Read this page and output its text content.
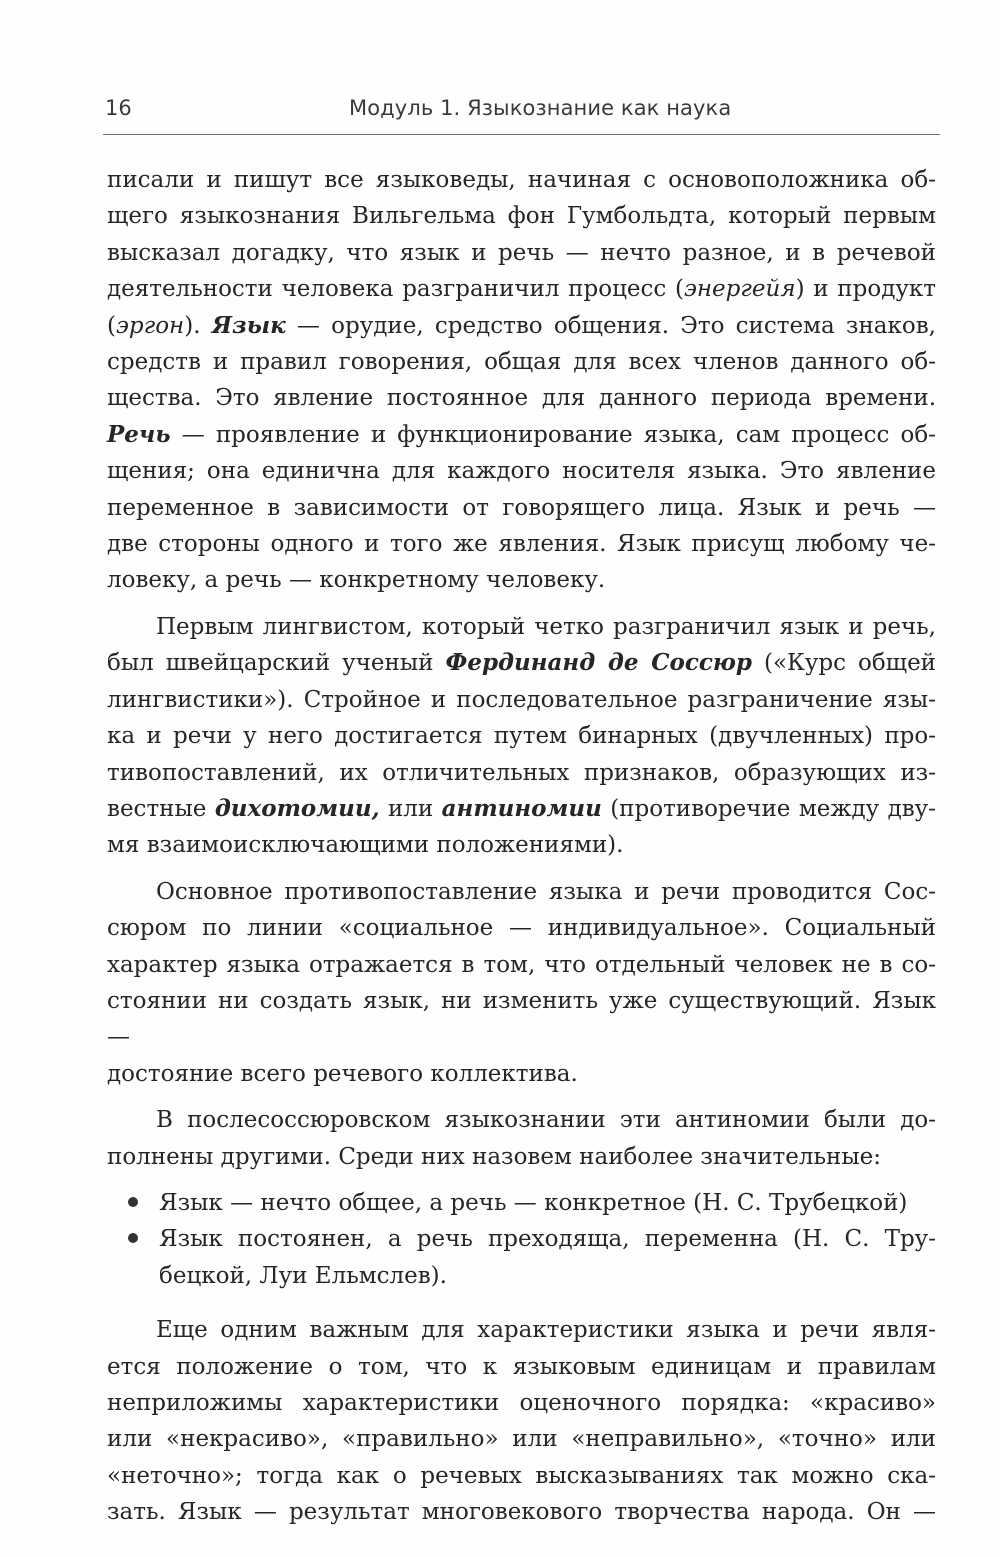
16	Модуль 1. Языкознание как наука
писали и пишут все языковеды, начиная с основоположника об-
щего языкознания Вильгельма фон Гумбольдта, который первым
высказал догадку, что язык и речь — нечто разное, и в речевой
деятельности человека разграничил процесс (энергейя) и продукт
(эргон). Язык — орудие, средство общения. Это система знаков,
средств и правил говорения, общая для всех членов данного об-
щества. Это явление постоянное для данного периода времени.
Речь — проявление и функционирование языка, сам процесс об-
щения; она единична для каждого носителя языка. Это явление
переменное в зависимости от говорящего лица. Язык и речь —
две стороны одного и того же явления. Язык присущ любому че-
ловеку, а речь — конкретному человеку.
Первым лингвистом, который четко разграничил язык и речь,
был швейцарский ученый Фердинанд де Соссюр («Курс общей
лингвистики»). Стройное и последовательное разграничение язы-
ка и речи у него достигается путем бинарных (двучленных) про-
тивопоставлений, их отличительных признаков, образующих из-
вестные дихотомии, или антиномии (противоречие между дву-
мя взаимоисключающими положениями).
Основное противопоставление языка и речи проводится Сос-
сюром по линии «социальное — индивидуальное». Социальный
характер языка отражается в том, что отдельный человек не в со-
стоянии ни создать язык, ни изменить уже существующий. Язык —
достояние всего речевого коллектива.
В послесоссюровском языкознании эти антиномии были до-
полнены другими. Среди них назовем наиболее значительные:
Язык — нечто общее, а речь — конкретное (Н. С. Трубецкой)
Язык постоянен, а речь преходяща, переменна (Н. С. Тру-
бецкой, Луи Ельмслев).
Еще одним важным для характеристики языка и речи явля-
ется положение о том, что к языковым единицам и правилам
неприложимы характеристики оценочного порядка: «красиво»
или «некрасиво», «правильно» или «неправильно», «точно» или
«неточно»; тогда как о речевых высказываниях так можно ска-
зать. Язык — результат многовекового творчества народа. Он —
